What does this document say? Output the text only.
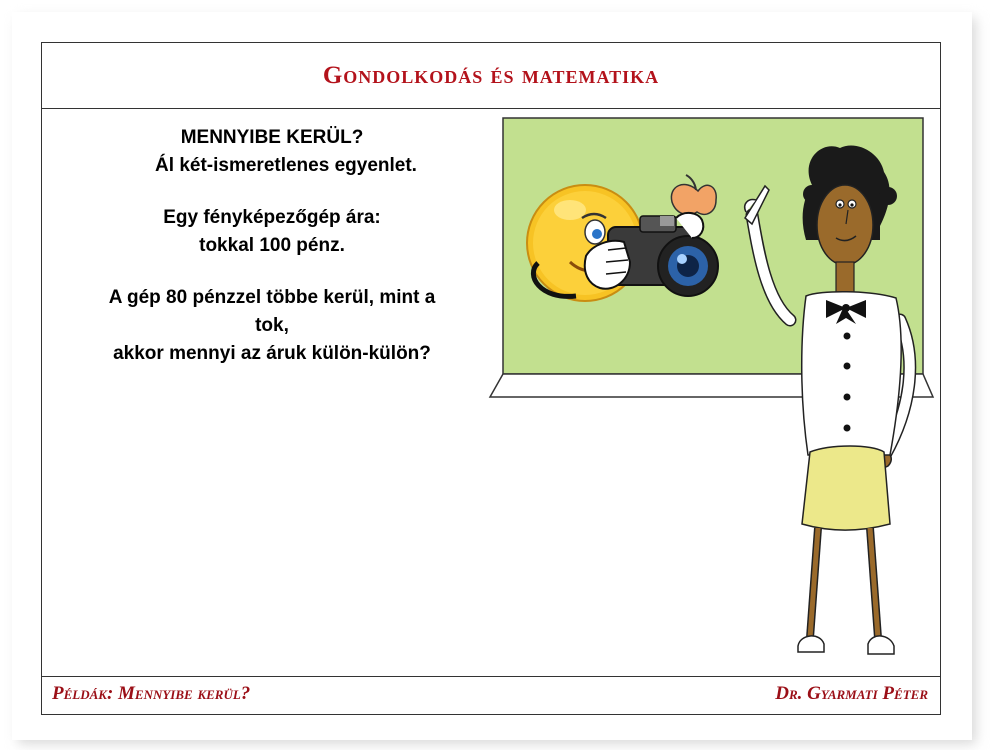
Gondolkodás és matematika
MENNYIBE KERÜL?
Ál két-ismeretlenes egyenlet.
Egy fényképezőgép ára:
tokkal 100 pénz.
A gép 80 pénzzel többe kerül, mint a
tok,
akkor mennyi az áruk külön-külön?
Példák: Mennyibe kerül?	Dr. Gyarmati Péter
